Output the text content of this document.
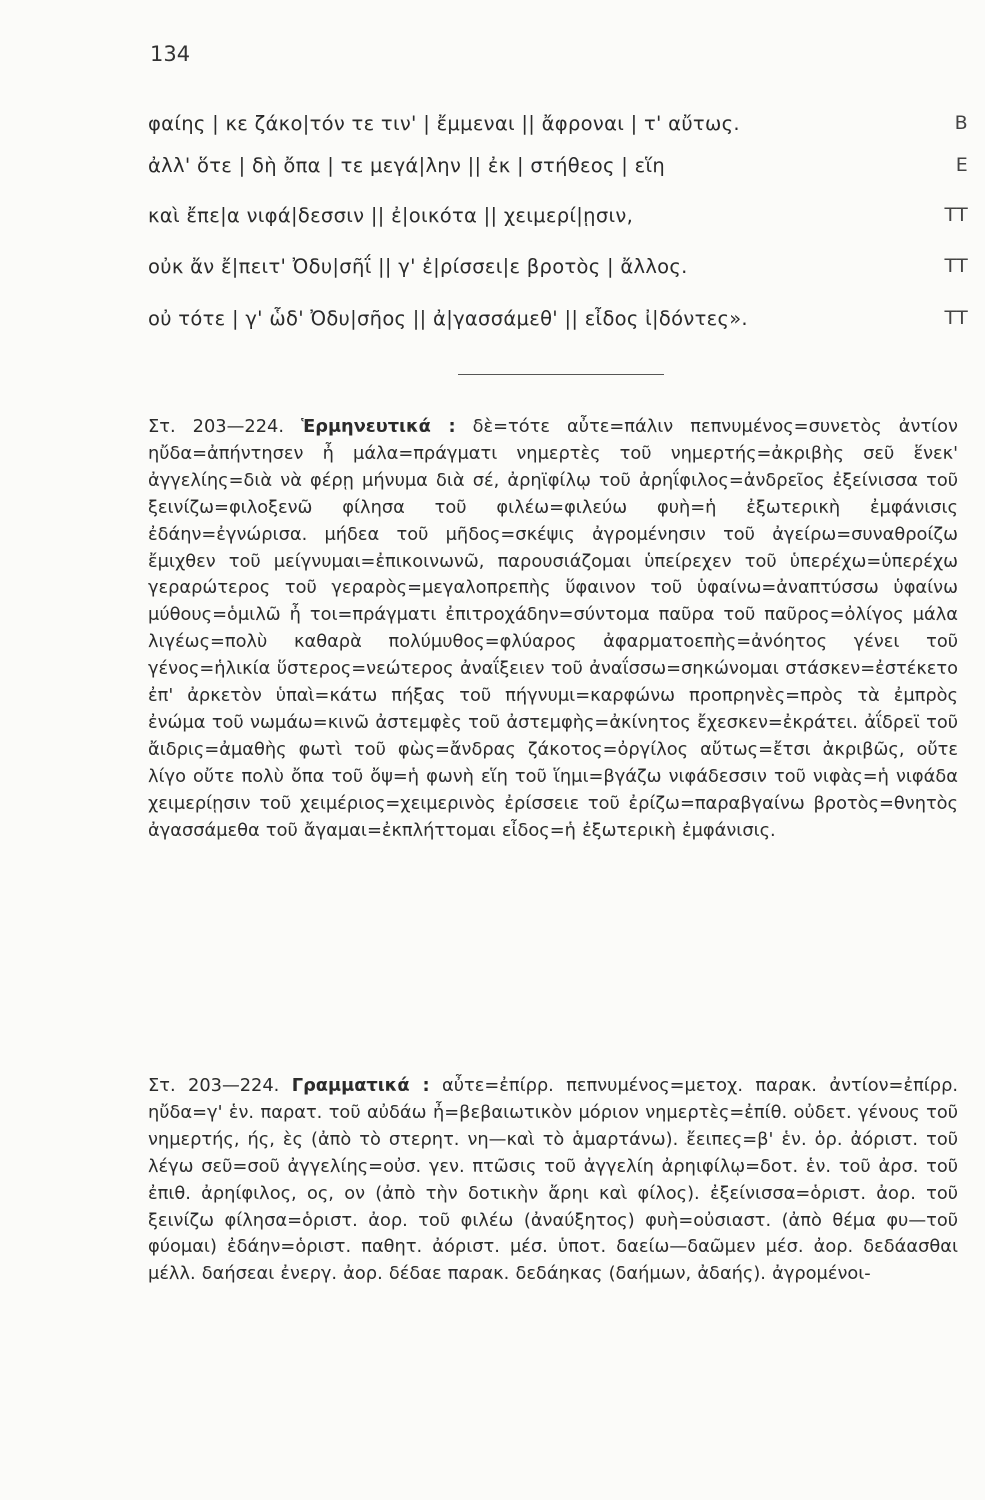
134
φαίης | κε ζάκο|τόν τε τιν' | ἔμμεναι || ἄφροναι | τ' αὔτως.	B
ἀλλ' ὅτε | δὴ ὄπα | τε μεγά|λην || ἐκ | στήθεος | εἵη	E
καὶ ἔπε|α νιφά|δεσσιν || ἐ|οικότα || χειμερί|ῃσιν,	TT
οὐκ ἄν ἔ|πειτ' Ὀδυ|σῆΐ || γ' ἐ|ρίσσει|ε βροτὸς | ἄλλος.	TT
οὐ τότε | γ' ὧδ' Ὀδυ|σῆος || ἀ|γασσάμεθ' || εἶδος ἰ|δόντες».	TT
Στ. 203—224. Ἑρμηνευτικά : δὲ=τότε αὖτε=πάλιν πεπνυμένος=συνετὸς ἀντίον ηὔδα=ἀπήντησεν ἦ μάλα=πράγματι νημερτὲς τοῦ νημερτής=ἀκριβὴς σεῦ ἕνεκ' ἀγγελίης=διὰ νὰ φέρῃ μήνυμα διὰ σέ, ἀρηϊφίλῳ τοῦ ἀρηΐφιλος=ἀνδρεῖος ἐξείνισσα τοῦ ξεινίζω=φιλοξενῶ φίλησα τοῦ φιλέω=φιλεύω φυὴ=ἡ ἐξωτερικὴ ἐμφάνισις ἐδάην=ἐγνώρισα. μήδεα τοῦ μῆδος=σκέψις ἀγρομένησιν τοῦ ἀγείρω=συναθροίζω ἔμιχθεν τοῦ μείγνυμαι=ἐπικοινωνῶ, παρουσιάζομαι ὑπείρεχεν τοῦ ὑπερέχω=ὑπερέχω γεραρώτερος τοῦ γεραρὸς=μεγαλοπρεπὴς ὕφαινον τοῦ ὑφαίνω=ἀναπτύσσω ὑφαίνω μύθους=ὁμιλῶ ἦ τοι=πράγματι ἐπιτροχάδην=σύντομα παῦρα τοῦ παῦρος=ὀλίγος μάλα λιγέως=πολὺ καθαρὰ πολύμυθος=φλύαρος ἀφαρματοεπὴς=ἀνόητος γένει τοῦ γένος=ἡλικία ὕστερος=νεώτερος ἀναΐξειεν τοῦ ἀναΐσσω=σηκώνομαι στάσκεν=ἐστέκετο ἐπ' ἀρκετὸν ὑπαὶ=κάτω πήξας τοῦ πήγνυμι=καρφώνω προπρηνὲς=πρὸς τὰ ἐμπρὸς ἐνώμα τοῦ νωμάω=κινῶ ἀστεμφὲς τοῦ ἀστεμφὴς=ἀκίνητος ἔχεσκεν=ἐκράτει. ἀΐδρεϊ τοῦ ἄιδρις=ἀμαθὴς φωτὶ τοῦ φὼς=ἄνδρας ζάκοτος=ὀργίλος αὔτως=ἔτσι ἀκριβῶς, οὔτε λίγο οὔτε πολὺ ὄπα τοῦ ὄψ=ἡ φωνὴ εἵη τοῦ ἵημι=βγάζω νιφάδεσσιν τοῦ νιφὰς=ἡ νιφάδα χειμερίῃσιν τοῦ χειμέριος=χειμερινὸς ἐρίσσειε τοῦ ἐρίζω=παραβγαίνω βροτὸς=θνητὸς ἀγασσάμεθα τοῦ ἄγαμαι=ἐκπλήττομαι εἶδος=ἡ ἐξωτερικὴ ἐμφάνισις.
Στ. 203—224. Γραμματικά : αὖτε=ἐπίρρ. πεπνυμένος=μετοχ. παρακ. ἀντίον=ἐπίρρ. ηὔδα=γ' ἑν. παρατ. τοῦ αὐδάω ἦ=βεβαιωτικὸν μόριον νημερτὲς=ἐπίθ. οὐδετ. γένους τοῦ νημερτής, ής, ὲς (ἀπὸ τὸ στερητ. νη—καὶ τὸ ἁμαρτάνω). ἔειπες=β' ἑν. ὁρ. ἀόριστ. τοῦ λέγω σεῦ=σοῦ ἀγγελίης=οὐσ. γεν. πτῶσις τοῦ ἀγγελίη ἀρηιφίλῳ=δοτ. ἑν. τοῦ ἀρσ. τοῦ ἐπιθ. ἀρηίφιλος, ος, ον (ἀπὸ τὴν δοτικὴν ἄρηι καὶ φίλος). ἐξείνισσα=ὁριστ. ἀορ. τοῦ ξεινίζω φίλησα=ὁριστ. ἀορ. τοῦ φιλέω (ἀναύξητος) φυὴ=οὐσιαστ. (ἀπὸ θέμα φυ—τοῦ φύομαι) ἐδάην=ὁριστ. παθητ. ἀόριστ. μέσ. ὑποτ. δαείω—δαῶμεν μέσ. ἀορ. δεδάασθαι μέλλ. δαήσεαι ἐνεργ. ἀορ. δέδαε παρακ. δεδάηκας (δαήμων, ἀδαής). ἀγρομένοι-
